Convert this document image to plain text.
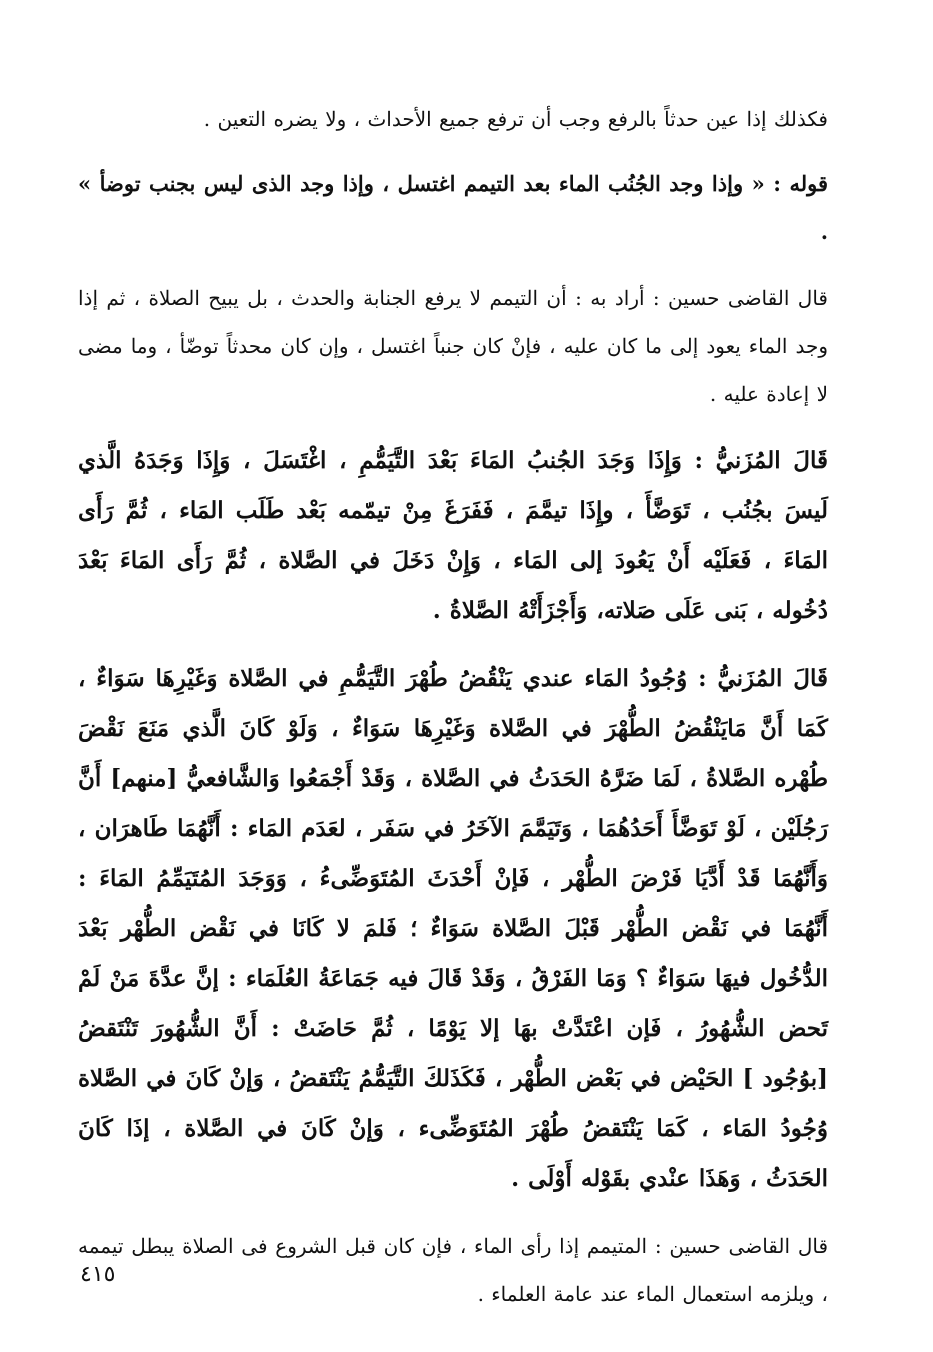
فكذلك إذا عين حدثاً بالرفع وجب أن ترفع جميع الأحداث ، ولا يضره التعين .

قوله : « وإذا وجد الجُنُب الماء بعد التيمم اغتسل ، وإذا وجد الذى ليس بجنب توضأ » .

قال القاضى حسين : أراد به : أن التيمم لا يرفع الجنابة والحدث ، بل يبيح الصلاة ، ثم إذا وجد الماء يعود إلى ما كان عليه ، فإنْ كان جنباً اغتسل ، وإن كان محدثاً توضّأ ، وما مضى لا إعادة عليه .

قَالَ المُزَنيُّ : وَإِذَا وَجَدَ الجُنبُ المَاءَ بَعْدَ التَّيَمُّمِ ، اغْتَسَلَ ، وَإِذَا وَجَدَهُ الَّذي لَيسَ بجُنُب ، تَوَضَّأَ ، وإِذَا تيمَّمَ ، فَفَرَغَ مِنْ تيمّمه بَعْد طَلَب المَاء ، ثُمَّ رَأَى المَاءَ ، فَعَلَيْه أَنْ يَعُودَ إلى المَاء ، وَإِنْ دَخَلَ في الصَّلاة ، ثُمَّ رَأَى المَاءَ بَعْدَ دُخُوله ، بَنى عَلَى صَلاته، وَأَجْزَأَتْهُ الصَّلاةُ .

قَالَ المُزَنيُّ : وُجُودُ المَاء عندي يَنْقُضُ طُهْرَ التَّيَمُّمِ في الصَّلاة وَغَيْرِهَا سَوَاءٌ ، كَمَا أَنَّ مَايَنْقُضُ الطُّهْرَ في الصَّلاة وَغَيْرِهَا سَوَاءٌ ، وَلَوْ كَانَ الَّذي مَنَعَ نَقْضَ طُهْره الصَّلاةُ ، لَمَا ضَرَّهُ الحَدَثُ في الصَّلاة ، وَقَدْ أَجْمَعُوا وَالشَّافعيُّ [منهم] أَنَّ رَجُلَيْن ، لَوْ تَوَضَّأَ أَحَدُهُمَا ، وَتَيَمَّمَ الآخَرُ في سَفَر ، لعَدَم المَاء : أَنَّهُمَا طَاهرَان ، وَأَنَّهُمَا قَدْ أَدَّيَا فَرْضَ الطُّهْر ، فَإنْ أَحْدَثَ المُتَوَضِّىءُ ، وَوَجَدَ المُتَيَمِّمُ المَاءَ : أَنَّهُمَا في نَقْض الطُّهْر قَبْلَ الصَّلاة سَوَاءٌ ؛ فَلمَ لا كَانَا في نَقْض الطُّهْر بَعْدَ الدُّخُول فيهَا سَوَاءٌ ؟ وَمَا الفَرْقُ ، وَقَدْ قَالَ فيه جَمَاعَةُ العُلَمَاء : إنَّ عدَّةَ مَنْ لَمْ تَحض الشُّهُورُ ، فَإن اعْتَدَّتْ بهَا إلا يَوْمًا ، ثُمَّ حَاضَتْ : أَنَّ الشُّهُورَ تَنْتَقضُ [بوُجُود ] الحَيْض في بَعْض الطُّهْر ، فَكَذَلكَ التَّيَمُّمُ يَنْتَقضُ ، وَإنْ كَانَ في الصَّلاة وُجُودُ المَاء ، كَمَا يَنْتَقضُ طُهْرَ المُتَوَضِّىء ، وَإنْ كَانَ في الصَّلاة ، إذَا كَانَ الحَدَثُ ، وَهَذَا عنْدي بقَوْله أَوْلَى .

قال القاضى حسين : المتيمم إذا رأى الماء ، فإن كان قبل الشروع فى الصلاة يبطل تيممه ، ويلزمه استعمال الماء عند عامة العلماء .

٤١٥
